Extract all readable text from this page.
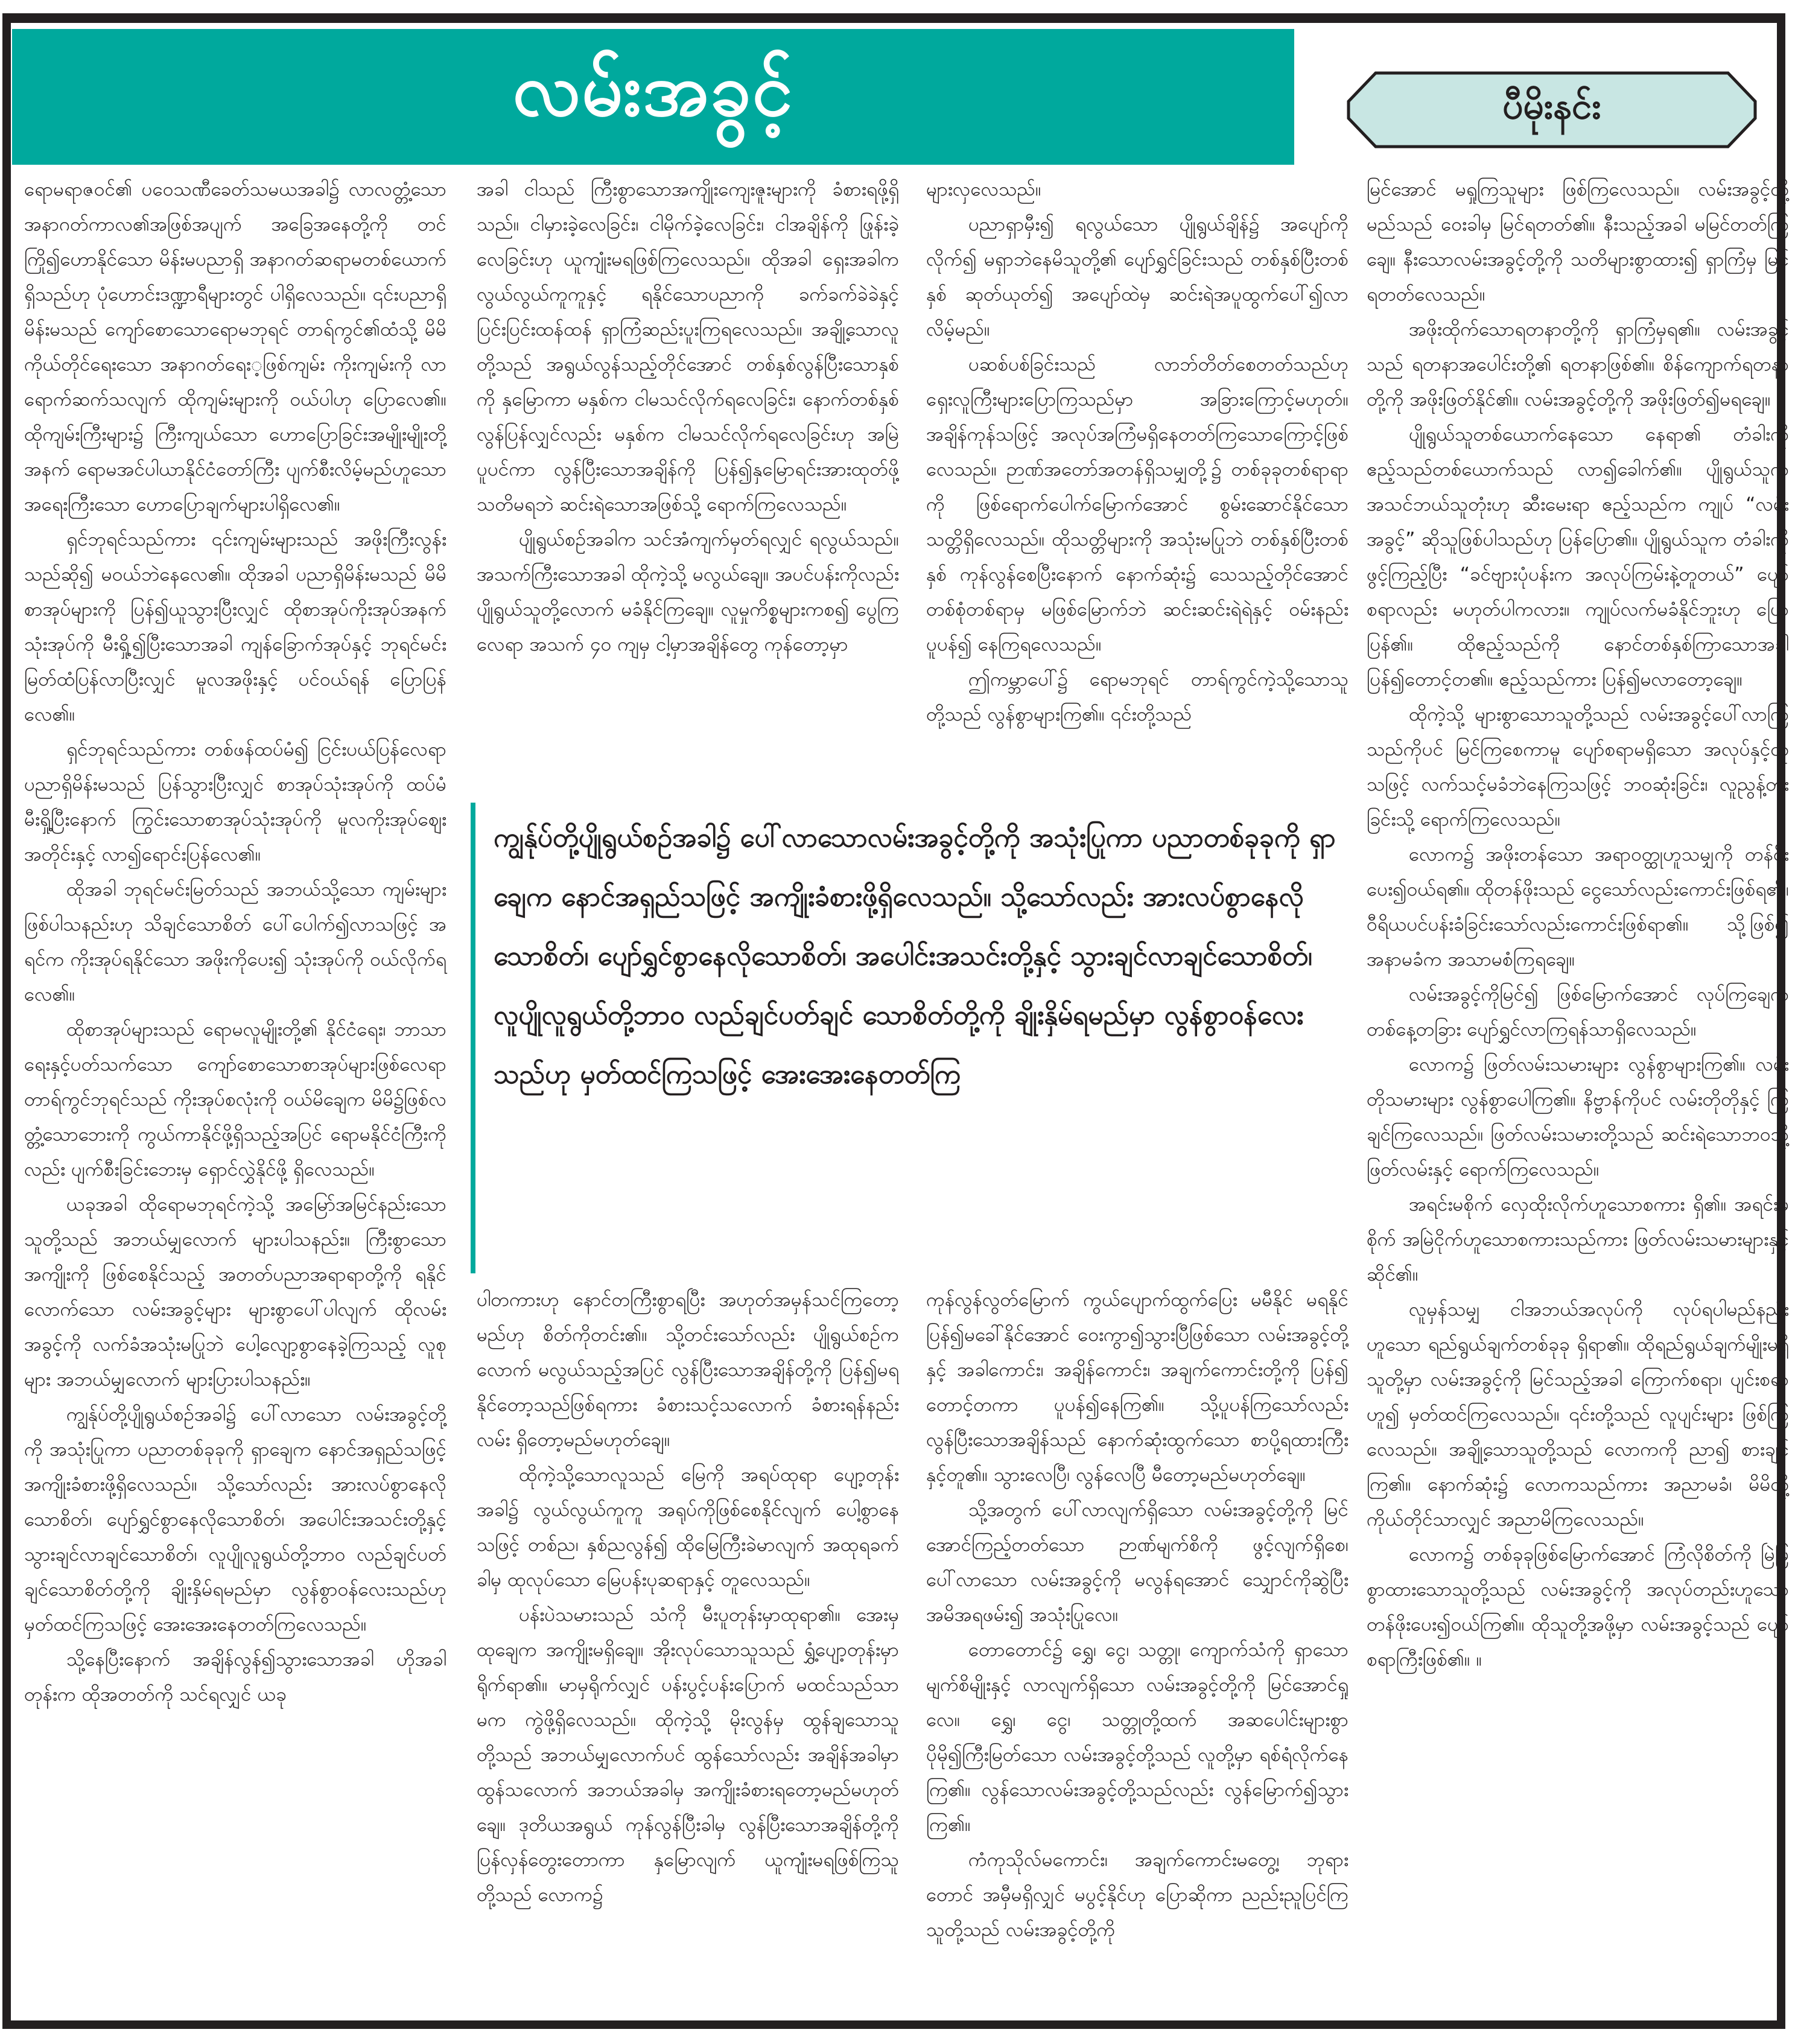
လမ်းအခွင့်	ပီမိုးနင်း

ရောမရာဇဝင်၏ ပဝေသဏီခေတ်သမယအခါ၌ လာလတ္တံ့သော အနာဂတ်ကာလ၏အဖြစ်အပျက် အခြေအနေတို့ကို တင်ကြို၍ဟောနိုင်သော မိန်းမပညာရှိ အနာဂတ်ဆရာမတစ်ယောက်ရှိသည်ဟု ပုံဟောင်းဒဏ္ဍာရီများတွင် ပါရှိလေသည်။ ၎င်းပညာရှိမိန်းမသည် ကျော်စောသောရောမဘုရင် တာရ်ကွင်၏ထံသို့ မိမိကိုယ်တိုင်ရေးသော အနာဂတ်ရေး့ဖြစ်ကျမ်း ကိုးကျမ်းကို လာရောက်ဆက်သလျက် ထိုကျမ်းများကို ဝယ်ပါဟု ပြောလေ၏။ ထိုကျမ်းကြီးများ၌ ကြီးကျယ်သော ဟောပြောခြင်းအမျိုးမျိုးတို့အနက် ရောမအင်ပါယာနိုင်ငံတော်ကြီး ပျက်စီးလိမ့်မည်ဟူသော အရေးကြီးသော ဟောပြောချက်များပါရှိလေ၏။

ရှင်ဘုရင်သည်ကား ၎င်းကျမ်းများသည် အဖိုးကြီးလွန်းသည်ဆို၍ မဝယ်ဘဲနေလေ၏။ ထိုအခါ ပညာရှိမိန်းမသည် မိမိစာအုပ်များကို ပြန်၍ယူသွားပြီးလျှင် ထိုစာအုပ်ကိုးအုပ်အနက် သုံးအုပ်ကို မီးရှို့၍ပြီးသောအခါ ကျန်ခြောက်အုပ်နှင့် ဘုရင်မင်းမြတ်ထံပြန်လာပြီးလျှင် မူလအဖိုးနှင့် ပင်ဝယ်ရန် ပြောပြန်လေ၏။

ရှင်ဘုရင်သည်ကား တစ်ဖန်ထပ်မံ၍ ငြင်းပယ်ပြန်လေရာ ပညာရှိမိန်းမသည် ပြန်သွားပြီးလျှင် စာအုပ်သုံးအုပ်ကို ထပ်မံမီးရှို့ပြီးနောက် ကြွင်းသောစာအုပ်သုံးအုပ်ကို မူလကိုးအုပ်ဈေးအတိုင်းနှင့် လာ၍ရောင်းပြန်လေ၏။

ထိုအခါ ဘုရင်မင်းမြတ်သည် အဘယ်သို့သော ကျမ်းများဖြစ်ပါသနည်းဟု သိချင်သောစိတ် ပေါ်ပေါက်၍လာသဖြင့် အရင်က ကိုးအုပ်ရနိုင်သော အဖိုးကိုပေး၍ သုံးအုပ်ကို ဝယ်လိုက်ရလေ၏။

ထိုစာအုပ်များသည် ရောမလူမျိုးတို့၏ နိုင်ငံရေး၊ ဘာသာရေးနှင့်ပတ်သက်သော ကျော်စောသောစာအုပ်များဖြစ်လေရာ တာရ်ကွင်ဘုရင်သည် ကိုးအုပ်စလုံးကို ဝယ်မိချေက မိမိ၌ဖြစ်လတ္တံ့သောဘေးကို ကွယ်ကာနိုင်ဖို့ရှိသည့်အပြင် ရောမနိုင်ငံကြီးကိုလည်း ပျက်စီးခြင်းဘေးမှ ရှောင်လွှဲနိုင်ဖို့ ရှိလေသည်။

ယခုအခါ ထိုရောမဘုရင်ကဲ့သို့ အမြော်အမြင်နည်းသောသူတို့သည် အဘယ်မျှလောက် များပါသနည်း။ ကြီးစွာသောအကျိုးကို ဖြစ်စေနိုင်သည့် အတတ်ပညာအရာရာတို့ကို ရနိုင်လောက်သော လမ်းအခွင့်များ များစွာပေါ်ပါလျက် ထိုလမ်းအခွင့်ကို လက်ခံအသုံးမပြုဘဲ ပေါ့လျော့စွာနေခဲ့ကြသည့် လူစုများ အဘယ်မျှလောက် များပြားပါသနည်း။

ကျွန်ုပ်တို့ပျိုရွယ်စဉ်အခါ၌ ပေါ်လာသော လမ်းအခွင့်တို့ကို အသုံးပြုကာ ပညာတစ်ခုခုကို ရှာချေက နောင်အရှည်သဖြင့် အကျိုးခံစားဖို့ရှိလေသည်။ သို့သော်လည်း အားလပ်စွာနေလိုသောစိတ်၊ ပျော်ရွှင်စွာနေလိုသောစိတ်၊ အပေါင်းအသင်းတို့နှင့် သွားချင်လာချင်သောစိတ်၊ လူပျိုလူရွယ်တို့ဘာဝ လည်ချင်ပတ်ချင်သောစိတ်တို့ကို ချိုးနှိမ်ရမည်မှာ လွန်စွာဝန်လေးသည်ဟု မှတ်ထင်ကြသဖြင့် အေးအေးနေတတ်ကြလေသည်။

သို့နေပြီးနောက် အချိန်လွန်၍သွားသောအခါ ဟိုအခါတုန်းက ထိုအတတ်ကို သင်ရလျှင် ယခု

အခါ ငါသည် ကြီးစွာသောအကျိုးကျေးဇူးများကို ခံစားရဖို့ရှိသည်။ ငါမှားခဲ့လေခြင်း၊ ငါမိုက်ခဲ့လေခြင်း၊ ငါအချိန်ကို ဖြုန်းခဲ့လေခြင်းဟု ယူကျုံးမရဖြစ်ကြလေသည်။ ထိုအခါ ရှေးအခါက လွယ်လွယ်ကူကူနှင့် ရနိုင်သောပညာကို ခက်ခက်ခဲခဲနှင့် ပြင်းပြင်းထန်ထန် ရှာကြံဆည်းပူးကြရလေသည်။ အချို့သောလူတို့သည် အရွယ်လွန်သည့်တိုင်အောင် တစ်နှစ်လွန်ပြီးသောနှစ်ကို နှမြောကာ မနှစ်က ငါမသင်လိုက်ရလေခြင်း၊ နောက်တစ်နှစ် လွန်ပြန်လျှင်လည်း မနှစ်က ငါမသင်လိုက်ရလေခြင်းဟု အမြဲပူပင်ကာ လွန်ပြီးသောအချိန်ကို ပြန်၍နှမြောရင်းအားထုတ်ဖို့ သတိမရဘဲ ဆင်းရဲသောအဖြစ်သို့ ရောက်ကြလေသည်။

ပျိုရွယ်စဉ်အခါက သင်အံကျက်မှတ်ရလျှင် ရလွယ်သည်။ အသက်ကြီးသောအခါ ထိုကဲ့သို့ မလွယ်ချေ။ အပင်ပန်းကိုလည်း ပျိုရွယ်သူတို့လောက် မခံနိုင်ကြချေ။ လူမှုကိစ္စများကစ၍ ပွေကြလေရာ အသက် ၄၀ ကျမှ ငါ့မှာအချိန်တွေ ကုန်တော့မှာ

များလှလေသည်။

ပညာရှာမှီး၍ ရလွယ်သော ပျိုရွယ်ချိန်၌ အပျော်ကိုလိုက်၍ မရှာဘဲနေမိသူတို့၏ ပျော်ရွှင်ခြင်းသည် တစ်နှစ်ပြီးတစ်နှစ် ဆုတ်ယုတ်၍ အပျော်ထဲမှ ဆင်းရဲအပူထွက်ပေါ်၍လာလိမ့်မည်။

ပဆစ်ပစ်ခြင်းသည် လာဘ်တိတ်စေတတ်သည်ဟု ရှေးလူကြီးများပြောကြသည်မှာ အခြားကြောင့်မဟုတ်။ အချိန်ကုန်သဖြင့် အလုပ်အကြံမရှိနေတတ်ကြသောကြောင့်ဖြစ်လေသည်။ ဉာဏ်အတော်အတန်ရှိသမျှတို့၌ တစ်ခုခုတစ်ရာရာကို ဖြစ်ရောက်ပေါက်မြောက်အောင် စွမ်းဆောင်နိုင်သော သတ္တိရှိလေသည်။ ထိုသတ္တိများကို အသုံးမပြုဘဲ တစ်နှစ်ပြီးတစ်နှစ် ကုန်လွန်စေပြီးနောက် နောက်ဆုံး၌ သေသည့်တိုင်အောင် တစ်စုံတစ်ရာမှ မဖြစ်မြောက်ဘဲ ဆင်းဆင်းရဲရဲနှင့် ဝမ်းနည်းပူပန်၍ နေကြရလေသည်။

ဤကမ္ဘာပေါ်၌ ရောမဘုရင် တာရ်ကွင်ကဲ့သို့သောသူတို့သည် လွန်စွာများကြ၏။ ၎င်းတို့သည်

ကျွန်ုပ်တို့ပျိုရွယ်စဉ်အခါ၌ ပေါ်လာသောလမ်းအခွင့်တို့ကို အသုံးပြုကာ ပညာတစ်ခုခုကို ရှာချေက နောင်အရှည်သဖြင့် အကျိုးခံစားဖို့ရှိလေသည်။ သို့သော်လည်း အားလပ်စွာနေလိုသောစိတ်၊ ပျော်ရွှင်စွာနေလိုသောစိတ်၊ အပေါင်းအသင်းတို့နှင့် သွားချင်လာချင်သောစိတ်၊ လူပျိုလူရွယ်တို့ဘာဝ လည်ချင်ပတ်ချင် သောစိတ်တို့ကို ချိုးနှိမ်ရမည်မှာ လွန်စွာဝန်လေးသည်ဟု မှတ်ထင်ကြသဖြင့် အေးအေးနေတတ်ကြ

ပါတကားဟု နောင်တကြီးစွာရပြီး အဟုတ်အမှန်သင်ကြတော့မည်ဟု စိတ်ကိုတင်း၏။ သို့တင်းသော်လည်း ပျိုရွယ်စဉ်ကလောက် မလွယ်သည့်အပြင် လွန်ပြီးသောအချိန်တို့ကို ပြန်၍မရနိုင်တော့သည်ဖြစ်ရကား ခံစားသင့်သလောက် ခံစားရန်နည်းလမ်း ရှိတော့မည်မဟုတ်ချေ။

ထိုကဲ့သို့သောလူသည် မြေကို အရပ်ထုရာ ပျော့တုန်းအခါ၌ လွယ်လွယ်ကူကူ အရုပ်ကိုဖြစ်စေနိုင်လျက် ပေါ့စွာနေသဖြင့် တစ်ည၊ နှစ်ညလွန်၍ ထိုမြေကြီးခဲမာလျက် အထုရခက်ခါမှ ထုလုပ်သော မြေပန်းပုဆရာနှင့် တူလေသည်။

ပန်းပဲသမားသည် သံကို မီးပူတုန်းမှာထုရာ၏။ အေးမှထုချေက အကျိုးမရှိချေ။ အိုးလုပ်သောသူသည် ရွှံ့ပျော့တုန်းမှာ ရိုက်ရာ၏။ မာမှရိုက်လျှင် ပန်းပွင့်ပန်းပြောက် မထင်သည်သာမက ကွဲဖို့ရှိလေသည်။ ထိုကဲ့သို့ မိုးလွန်မှ ထွန်ချသောသူတို့သည် အဘယ်မျှလောက်ပင် ထွန်သော်လည်း အချိန်အခါမှာ ထွန်သလောက် အဘယ်အခါမှ အကျိုးခံစားရတော့မည်မဟုတ်ချေ။ ဒုတိယအရွယ် ကုန်လွန်ပြီးခါမှ လွန်ပြီးသောအချိန်တို့ကို ပြန်လှန်တွေးတောကာ နှမြောလျက် ယူကျုံးမရဖြစ်ကြသူတို့သည် လောက၌

ကုန်လွန်လွတ်မြောက် ကွယ်ပျောက်ထွက်ပြေး မမီနိုင် မရနိုင် ပြန်၍မခေါ်နိုင်အောင် ဝေးကွာ၍သွားပြီဖြစ်သော လမ်းအခွင့်တို့နှင့် အခါကောင်း၊ အချိန်ကောင်း၊ အချက်ကောင်းတို့ကို ပြန်၍ တောင့်တကာ ပူပန်၍နေကြ၏။ သို့ပူပန်ကြသော်လည်း လွန်ပြီးသောအချိန်သည် နောက်ဆုံးထွက်သော စာပို့ရထားကြီးနှင့်တူ၏။ သွားလေပြီ၊ လွန်လေပြီ မီတော့မည်မဟုတ်ချေ။

သို့အတွက် ပေါ်လာလျက်ရှိသော လမ်းအခွင့်တို့ကို မြင်အောင်ကြည့်တတ်သော ဉာဏ်မျက်စိကို ဖွင့်လျက်ရှိစေ၊ ပေါ်လာသော လမ်းအခွင့်ကို မလွန်ရအောင် သျှောင်ကိုဆွဲပြီး အမိအရဖမ်း၍ အသုံးပြုလေ။

တောတောင်၌ ရွှေ၊ ငွေ၊ သတ္တု၊ ကျောက်သံကို ရှာသောမျက်စိမျိုးနှင့် လာလျက်ရှိသော လမ်းအခွင့်တို့ကို မြင်အောင်ရှုလေ။ ရွှေ၊ ငွေ၊ သတ္တုတို့ထက် အဆပေါင်းများစွာ ပိုမို၍ကြီးမြတ်သော လမ်းအခွင့်တို့သည် လူတို့မှာ ရစ်ရံလိုက်နေကြ၏။ လွန်သောလမ်းအခွင့်တို့သည်လည်း လွန်မြောက်၍သွားကြ၏။

ကံကုသိုလ်မကောင်း၊ အချက်ကောင်းမတွေ့၊ ဘုရားတောင် အမှီမရှိလျှင် မပွင့်နိုင်ဟု ပြောဆိုကာ ညည်းညူပြင်ကြသူတို့သည် လမ်းအခွင့်တို့ကို

မြင်အောင် မရှုကြသူများ ဖြစ်ကြလေသည်။ လမ်းအခွင့်တို့မည်သည် ဝေးခါမှ မြင်ရတတ်၏။ နီးသည့်အခါ မမြင်တတ်ကြချေ။ နီးသောလမ်းအခွင့်တို့ကို သတိများစွာထား၍ ရှာကြံမှ မြင်ရတတ်လေသည်။

အဖိုးထိုက်သောရတနာတို့ကို ရှာကြံမှရ၏။ လမ်းအခွင့်သည် ရတနာအပေါင်းတို့၏ ရတနာဖြစ်၏။ စိန်ကျောက်ရတနာတို့ကို အဖိုးဖြတ်နိုင်၏။ လမ်းအခွင့်တို့ကို အဖိုးဖြတ်၍မရချေ။

ပျိုရွယ်သူတစ်ယောက်နေသော နေရာ၏ တံခါးကို ဧည့်သည်တစ်ယောက်သည် လာ၍ခေါက်၏။ ပျိုရွယ်သူက အသင်ဘယ်သူတုံးဟု ဆီးမေးရာ ဧည့်သည်က ကျုပ် “လမ်းအခွင့်” ဆိုသူဖြစ်ပါသည်ဟု ပြန်ပြော၏။ ပျိုရွယ်သူက တံခါးကို ဖွင့်ကြည့်ပြီး “ခင်ဗျားပုံပန်းက အလုပ်ကြမ်းနဲ့တူတယ်” ပျော်စရာလည်း မဟုတ်ပါကလား။ ကျုပ်လက်မခံနိုင်ဘူးဟု ပြောပြန်၏။ ထိုဧည့်သည်ကို နောင်တစ်နှစ်ကြာသောအခါ ပြန်၍တောင့်တ၏။ ဧည့်သည်ကား ပြန်၍မလာတော့ချေ။

ထိုကဲ့သို့ များစွာသောသူတို့သည် လမ်းအခွင့်ပေါ်လာကြသည်ကိုပင် မြင်ကြစေကာမူ ပျော်စရာမရှိသော အလုပ်နှင့်တူသဖြင့် လက်သင့်မခံဘဲနေကြသဖြင့် ဘဝဆုံးခြင်း၊ လူညွန့်တုံးခြင်းသို့ ရောက်ကြလေသည်။

လောက၌ အဖိုးတန်သော အရာဝတ္ထုဟူသမျှကို တန်ဖိုးပေး၍ဝယ်ရ၏။ ထိုတန်ဖိုးသည် ငွေသော်လည်းကောင်းဖြစ်ရ၏။ ဝီရိယပင်ပန်းခံခြင်းသော်လည်းကောင်းဖြစ်ရာ၏။ သို့ဖြစ်၍ အနာမခံက အသာမစံကြရချေ။

လမ်းအခွင့်ကိုမြင်၍ ဖြစ်မြောက်အောင် လုပ်ကြချေက တစ်နေ့တခြား ပျော်ရွှင်လာကြရန်သာရှိလေသည်။

လောက၌ ဖြတ်လမ်းသမားများ လွန်စွာများကြ၏။ လမ်းတိုသမားများ လွန်စွာပေါကြ၏။ နိဗ္ဗာန်ကိုပင် လမ်းတိုတိုနှင့် ကြံချင်ကြလေသည်။ ဖြတ်လမ်းသမားတို့သည် ဆင်းရဲသောဘဝသို့ ဖြတ်လမ်းနှင့် ရောက်ကြလေသည်။

အရင်းမစိုက် လှေထိုးလိုက်ဟူသောစကား ရှိ၏။ အရင်းမစိုက် အမြဲငိုက်ဟူသောစကားသည်ကား ဖြတ်လမ်းသမားများနှင့်ဆိုင်၏။

လူမှန်သမျှ ငါအဘယ်အလုပ်ကို လုပ်ရပါမည်နည်းဟူသော ရည်ရွယ်ချက်တစ်ခုခု ရှိရာ၏။ ထိုရည်ရွယ်ချက်မျိုးမရှိသူတို့မှာ လမ်းအခွင့်ကို မြင်သည့်အခါ ကြောက်စရာ၊ ပျင်းစရာဟူ၍ မှတ်ထင်ကြလေသည်။ ၎င်းတို့သည် လူပျင်းများ ဖြစ်ကြလေသည်။ အချို့သောသူတို့သည် လောကကို ညာ၍ စားချင်ကြ၏။ နောက်ဆုံး၌ လောကသည်ကား အညာမခံ၊ မိမိတို့ကိုယ်တိုင်သာလျှင် အညာမိကြလေသည်။

လောက၌ တစ်ခုခုဖြစ်မြောက်အောင် ကြံလိုစိတ်ကို မြဲမြံစွာထားသောသူတို့သည် လမ်းအခွင့်ကို အလုပ်တည်းဟူသော တန်ဖိုးပေး၍ဝယ်ကြ၏။ ထိုသူတို့အဖို့မှာ လမ်းအခွင့်သည် ပျော်စရာကြီးဖြစ်၏။ ။
